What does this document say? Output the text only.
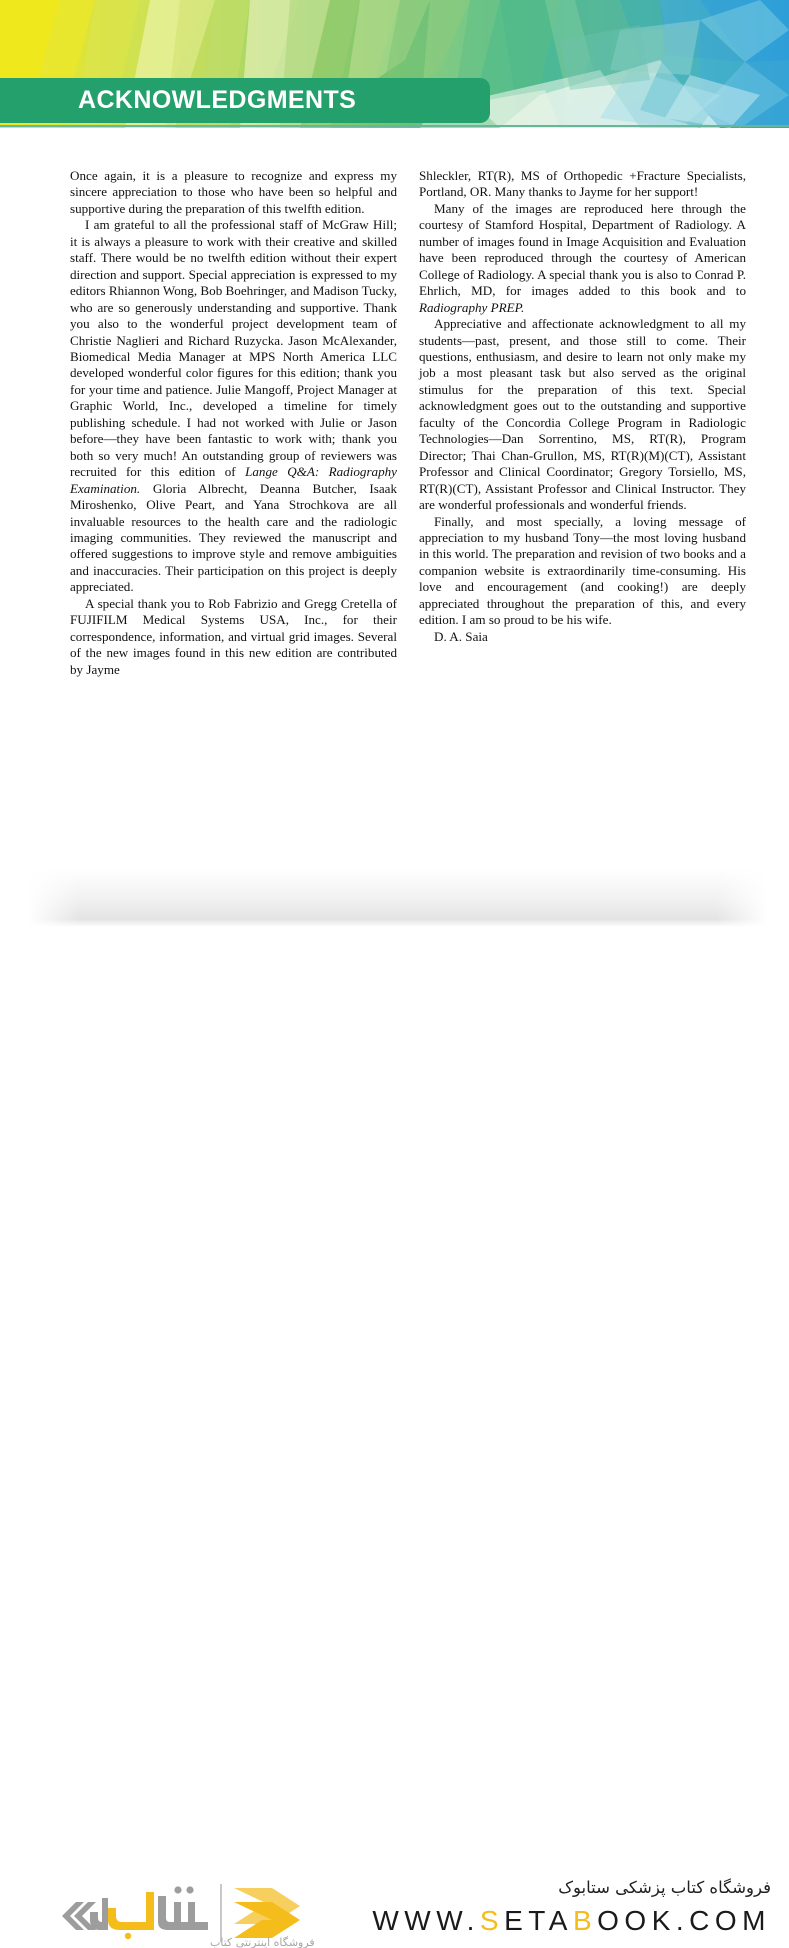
ACKNOWLEDGMENTS

Once again, it is a pleasure to recognize and express my sincere appreciation to those who have been so helpful and supportive during the preparation of this twelfth edition.

I am grateful to all the professional staff of McGraw Hill; it is always a pleasure to work with their creative and skilled staff. There would be no twelfth edition without their expert direction and support. Special appreciation is expressed to my editors Rhiannon Wong, Bob Boehringer, and Madison Tucky, who are so generously understanding and supportive. Thank you also to the wonderful project development team of Christie Naglieri and Richard Ruzycka. Jason McAlexander, Biomedical Media Manager at MPS North America LLC developed wonderful color figures for this edition; thank you for your time and patience. Julie Mangoff, Project Manager at Graphic World, Inc., developed a timeline for timely publishing schedule. I had not worked with Julie or Jason before—they have been fantastic to work with; thank you both so very much! An outstanding group of reviewers was recruited for this edition of Lange Q&A: Radiography Examination. Gloria Albrecht, Deanna Butcher, Isaak Miroshenko, Olive Peart, and Yana Strochkova are all invaluable resources to the health care and the radiologic imaging communities. They reviewed the manuscript and offered suggestions to improve style and remove ambiguities and inaccuracies. Their participation on this project is deeply appreciated.

A special thank you to Rob Fabrizio and Gregg Cretella of FUJIFILM Medical Systems USA, Inc., for their correspondence, information, and virtual grid images. Several of the new images found in this new edition are contributed by Jayme

Shleckler, RT(R), MS of Orthopedic +Fracture Specialists, Portland, OR. Many thanks to Jayme for her support!

Many of the images are reproduced here through the courtesy of Stamford Hospital, Department of Radiology. A number of images found in Image Acquisition and Evaluation have been reproduced through the courtesy of American College of Radiology. A special thank you is also to Conrad P. Ehrlich, MD, for images added to this book and to Radiography PREP.

Appreciative and affectionate acknowledgment to all my students—past, present, and those still to come. Their questions, enthusiasm, and desire to learn not only make my job a most pleasant task but also served as the original stimulus for the preparation of this text. Special acknowledgment goes out to the outstanding and supportive faculty of the Concordia College Program in Radiologic Technologies—Dan Sorrentino, MS, RT(R), Program Director; Thai Chan-Grullon, MS, RT(R)(M)(CT), Assistant Professor and Clinical Coordinator; Gregory Torsiello, MS, RT(R)(CT), Assistant Professor and Clinical Instructor. They are wonderful professionals and wonderful friends.

Finally, and most specially, a loving message of appreciation to my husband Tony—the most loving husband in this world. The preparation and revision of two books and a companion website is extraordinarily time-consuming. His love and encouragement (and cooking!) are deeply appreciated throughout the preparation of this, and every edition. I am so proud to be his wife.

D. A. Saia

فروشگاه اینترنتی کتاب
فروشگاه کتاب پزشکی ستابوک
WWW.SETABOOK.COM
